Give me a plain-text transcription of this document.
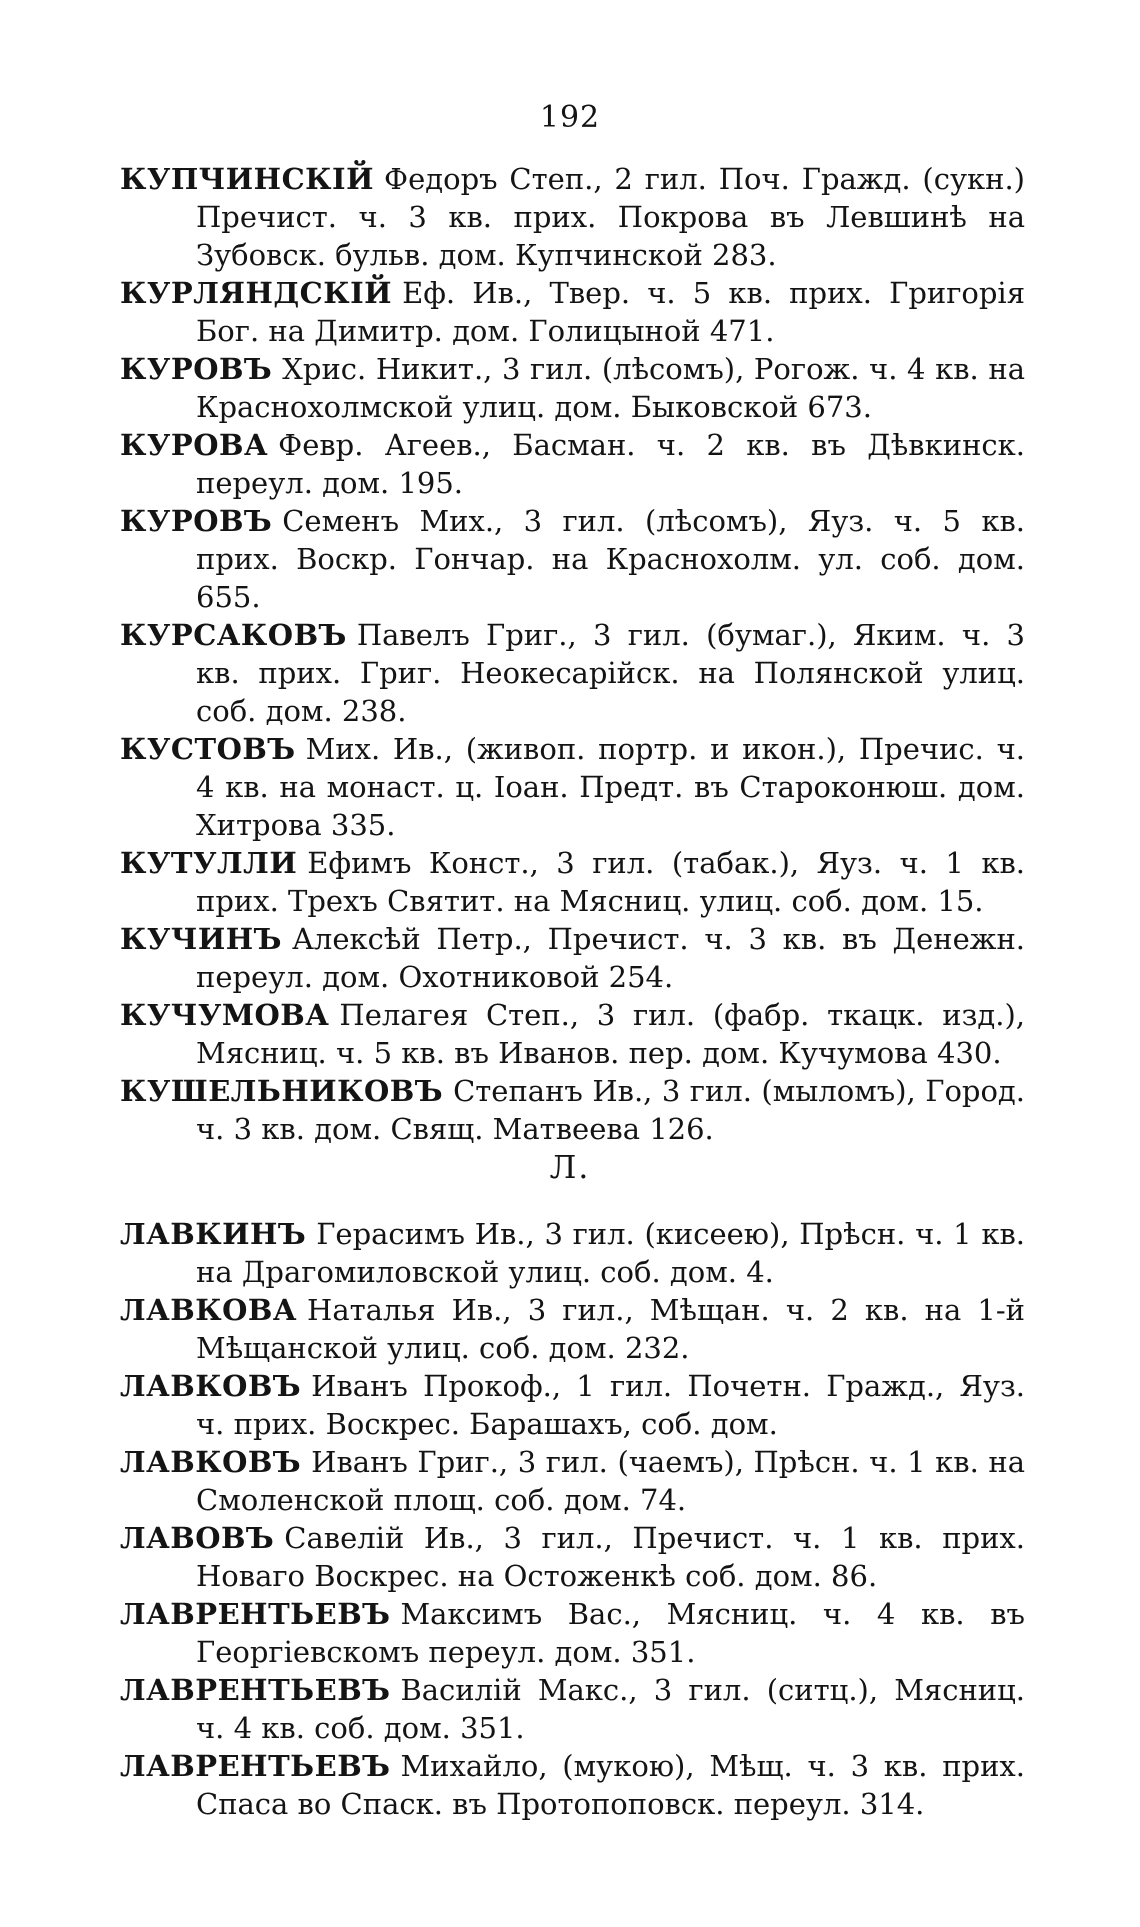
192

КУПЧИНСКІЙ Федоръ Степ., 2 гил. Поч. Гражд. (сукн.) Пречист. ч. 3 кв. прих. Покрова въ Левшинѣ на Зубовск. бульв. дом. Купчинской 283.

КУРЛЯНДСКІЙ Еф. Ив., Твер. ч. 5 кв. прих. Григорія Бог. на Димитр. дом. Голицыной 471.

КУРОВЪ Хрис. Никит., 3 гил. (лѣсомъ), Рогож. ч. 4 кв. на Краснохолмской улиц. дом. Быковской 673.

КУРОВА Февр. Агеев., Басман. ч. 2 кв. въ Дѣвкинск. переул. дом. 195.

КУРОВЪ Семенъ Мих., 3 гил. (лѣсомъ), Яуз. ч. 5 кв. прих. Воскр. Гончар. на Краснохолм. ул. соб. дом. 655.

КУРСАКОВЪ Павелъ Григ., 3 гил. (бумаг.), Яким. ч. 3 кв. прих. Григ. Неокесарійск. на Полянской улиц. соб. дом. 238.

КУСТОВЪ Мих. Ив., (живоп. портр. и икон.), Пречис. ч. 4 кв. на монаст. ц. Іоан. Предт. въ Староконюш. дом. Хитрова 335.

КУТУЛЛИ Ефимъ Конст., 3 гил. (табак.), Яуз. ч. 1 кв. прих. Трехъ Святит. на Мясниц. улиц. соб. дом. 15.

КУЧИНЪ Алексѣй Петр., Пречист. ч. 3 кв. въ Денежн. переул. дом. Охотниковой 254.

КУЧУМОВА Пелагея Степ., 3 гил. (фабр. ткацк. изд.), Мясниц. ч. 5 кв. въ Иванов. пер. дом. Кучумова 430.

КУШЕЛЬНИКОВЪ Степанъ Ив., 3 гил. (мыломъ), Город. ч. 3 кв. дом. Свящ. Матвеева 126.

Л.

ЛАВКИНЪ Герасимъ Ив., 3 гил. (кисеею), Прѣсн. ч. 1 кв. на Драгомиловской улиц. соб. дом. 4.

ЛАВКОВА Наталья Ив., 3 гил., Мѣщан. ч. 2 кв. на 1-й Мѣщанской улиц. соб. дом. 232.

ЛАВКОВЪ Иванъ Прокоф., 1 гил. Почетн. Гражд., Яуз. ч. прих. Воскрес. Барашахъ, соб. дом.

ЛАВКОВЪ Иванъ Григ., 3 гил. (чаемъ), Прѣсн. ч. 1 кв. на Смоленской площ. соб. дом. 74.

ЛАВОВЪ Савелій Ив., 3 гил., Пречист. ч. 1 кв. прих. Новаго Воскрес. на Остоженкѣ соб. дом. 86.

ЛАВРЕНТЬЕВЪ Максимъ Вас., Мясниц. ч. 4 кв. въ Георгіевскомъ переул. дом. 351.

ЛАВРЕНТЬЕВЪ Василій Макс., 3 гил. (ситц.), Мясниц. ч. 4 кв. соб. дом. 351.

ЛАВРЕНТЬЕВЪ Михайло, (мукою), Мѣщ. ч. 3 кв. прих. Спаса во Спаск. въ Протопоповск. переул. 314.
